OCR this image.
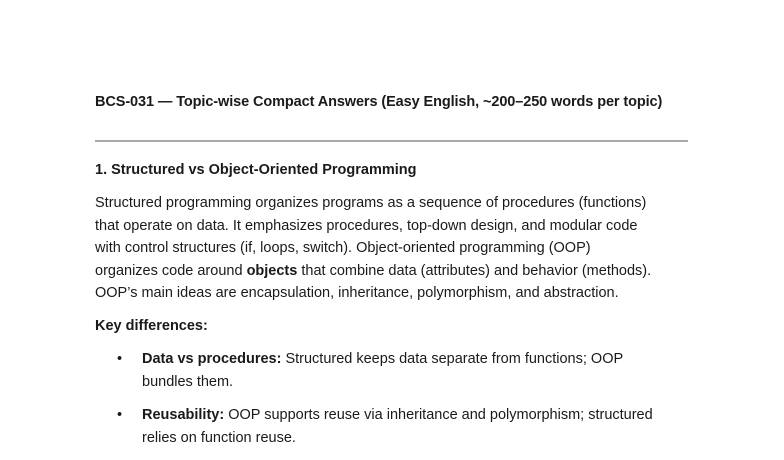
BCS-031 — Topic-wise Compact Answers (Easy English, ~200–250 words per topic)
1. Structured vs Object-Oriented Programming
Structured programming organizes programs as a sequence of procedures (functions)
that operate on data. It emphasizes procedures, top-down design, and modular code
with control structures (if, loops, switch). Object-oriented programming (OOP)
organizes code around objects that combine data (attributes) and behavior (methods).
OOP’s main ideas are encapsulation, inheritance, polymorphism, and abstraction.
Key differences:
• Data vs procedures: Structured keeps data separate from functions; OOP
bundles them.
• Reusability: OOP supports reuse via inheritance and polymorphism; structured
relies on function reuse.
